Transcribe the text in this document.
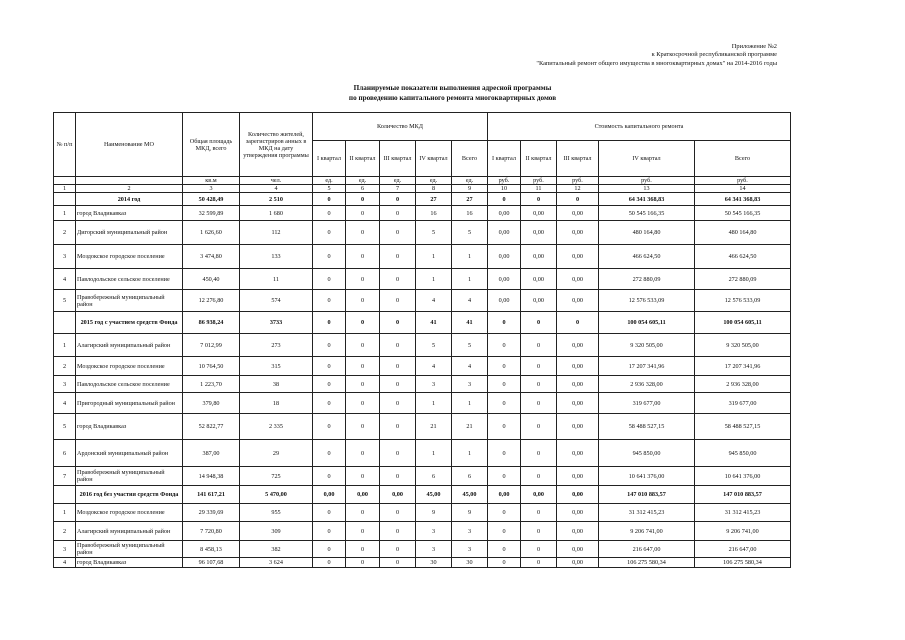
Приложение №2
к Краткосрочной республиканской программе
"Капитальный ремонт общего имущества в многоквартирных домах" на 2014-2016 годы
Планируемые показатели выполнения адресной программы
по проведению капитального ремонта многоквартирных домов
№ п/п	Наименование МО	Общая площадь МКД, всего	Количество жителей, зарегистриров анных в МКД на дату утверждения программы	Количество МКД					Стоимость капитального ремонта				
				I квартал	II квартал	III квартал	IV квартал	Всего	I квартал	II квартал	III квартал	IV квартал	Всего
		кв.м	чел.	ед.	ед.	ед.	ед.	ед.	руб.	руб.	руб.	руб.	руб.
1	2	3	4	5	6	7	8	9	10	11	12	13	14
	2014 год	50 428,49	2 510	0	0	0	27	27	0	0	0	64 341 368,83	64 341 368,83
1	город Владикавказ	32 599,89	1 680	0	0	0	16	16	0,00	0,00	0,00	50 545 166,35	50 545 166,35
2	Дигорский муниципальный район	1 626,60	112	0	0	0	5	5	0,00	0,00	0,00	480 164,80	480 164,80
3	Моздокское городское поселение	3 474,80	133	0	0	0	1	1	0,00	0,00	0,00	466 624,50	466 624,50
4	Павлодольское сельское поселение	450,40	11	0	0	0	1	1	0,00	0,00	0,00	272 880,09	272 880,09
5	Правобережный муниципальный район	12 276,80	574	0	0	0	4	4	0,00	0,00	0,00	12 576 533,09	12 576 533,09
	2015 год с участием средств Фонда	86 938,24	3733	0	0	0	41	41	0	0	0	100 054 605,11	100 054 605,11
1	Алагирский муниципальный район	7 012,99	273	0	0	0	5	5	0	0	0,00	9 320 505,00	9 320 505,00
2	Моздокское городское поселение	10 764,50	315	0	0	0	4	4	0	0	0,00	17 207 341,96	17 207 341,96
3	Павлодольское сельское поселение	1 223,70	38	0	0	0	3	3	0	0	0,00	2 936 328,00	2 936 328,00
4	Пригородный муниципальный район	379,80	18	0	0	0	1	1	0	0	0,00	319 677,00	319 677,00
5	город Владикавказ	52 822,77	2 335	0	0	0	21	21	0	0	0,00	58 488 527,15	58 488 527,15
6	Ардонский муниципальный район	387,00	29	0	0	0	1	1	0	0	0,00	945 850,00	945 850,00
7	Правобережный муниципальный район	14 948,38	725	0	0	0	6	6	0	0	0,00	10 641 376,00	10 641 376,00
	2016 год без участия средств Фонда	141 617,21	5 470,00	0,00	0,00	0,00	45,00	45,00	0,00	0,00	0,00	147 010 883,57	147 010 883,57
1	Моздокское городское поселение	29 339,69	955	0	0	0	9	9	0	0	0,00	31 312 415,23	31 312 415,23
2	Алагирский муниципальный район	7 720,80	309	0	0	0	3	3	0	0	0,00	9 206 741,00	9 206 741,00
3	Правобережный муниципальный район	8 458,13	382	0	0	0	3	3	0	0	0,00	216 647,00	216 647,00
4	город Владикавказ	96 107,68	3 624	0	0	0	30	30	0	0	0,00	106 275 580,34	106 275 580,34
